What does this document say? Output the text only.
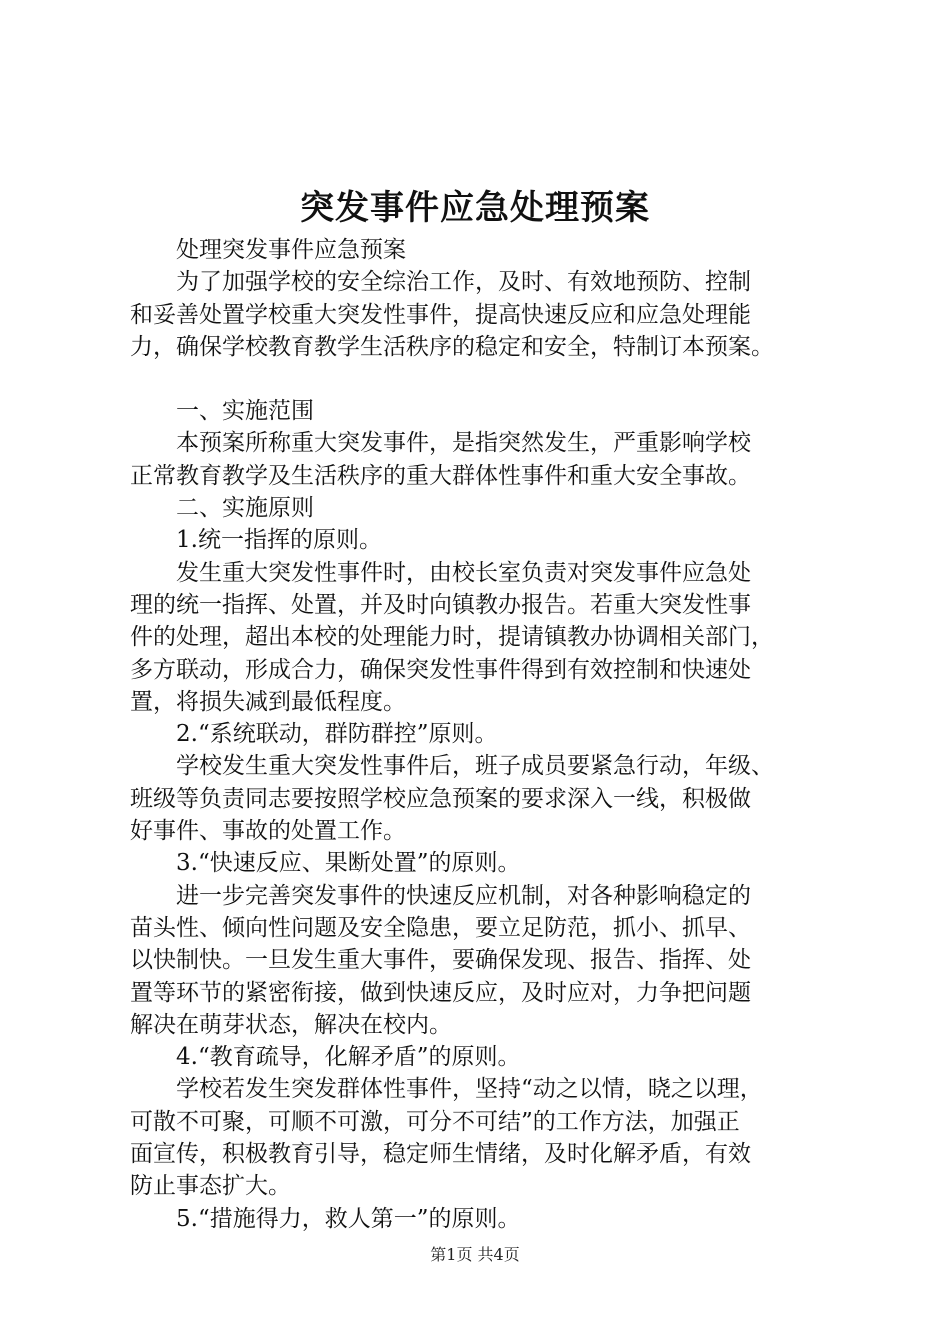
突发事件应急处理预案

处理突发事件应急预案

为了加强学校的安全综治工作，及时、有效地预防、控制
和妥善处置学校重大突发性事件，提高快速反应和应急处理能
力，确保学校教育教学生活秩序的稳定和安全，特制订本预案。

一、实施范围

本预案所称重大突发事件，是指突然发生，严重影响学校
正常教育教学及生活秩序的重大群体性事件和重大安全事故。

二、实施原则

1.统一指挥的原则。

发生重大突发性事件时，由校长室负责对突发事件应急处
理的统一指挥、处置，并及时向镇教办报告。若重大突发性事
件的处理，超出本校的处理能力时，提请镇教办协调相关部门，
多方联动，形成合力，确保突发性事件得到有效控制和快速处
置，将损失减到最低程度。

2.“系统联动，群防群控”原则。

学校发生重大突发性事件后，班子成员要紧急行动，年级、
班级等负责同志要按照学校应急预案的要求深入一线，积极做
好事件、事故的处置工作。

3.“快速反应、果断处置”的原则。

进一步完善突发事件的快速反应机制，对各种影响稳定的
苗头性、倾向性问题及安全隐患，要立足防范，抓小、抓早、
以快制快。一旦发生重大事件，要确保发现、报告、指挥、处
置等环节的紧密衔接，做到快速反应，及时应对，力争把问题
解决在萌芽状态，解决在校内。

4.“教育疏导，化解矛盾”的原则。

学校若发生突发群体性事件，坚持“动之以情，晓之以理，
可散不可聚，可顺不可激，可分不可结”的工作方法，加强正
面宣传，积极教育引导，稳定师生情绪，及时化解矛盾，有效
防止事态扩大。

5.“措施得力，救人第一”的原则。

第1页 共4页
